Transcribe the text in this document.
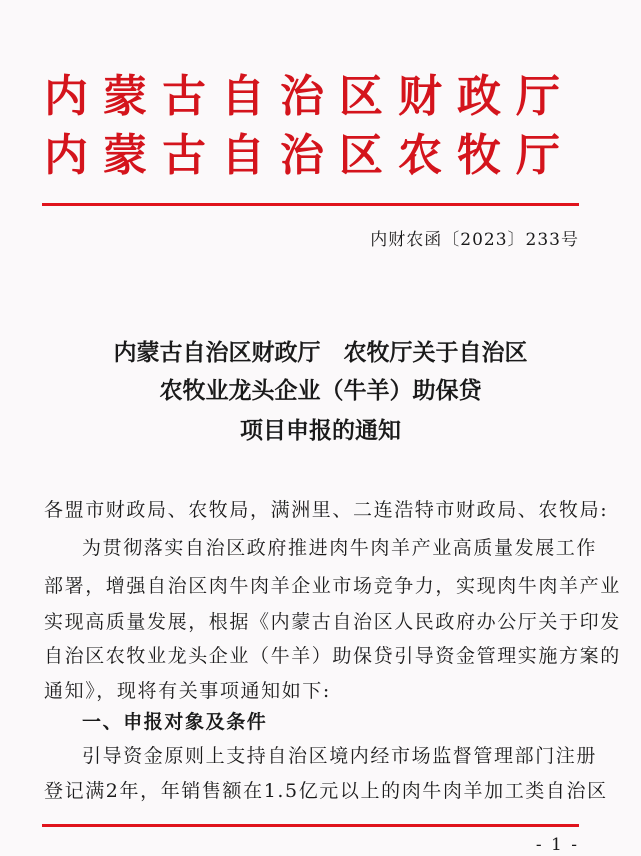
内蒙古自治区财政厅
内蒙古自治区农牧厅
内财农函〔2023〕233号
内蒙古自治区财政厅　农牧厅关于自治区
农牧业龙头企业（牛羊）助保贷
项目申报的通知
各盟市财政局、农牧局，满洲里、二连浩特市财政局、农牧局:
为贯彻落实自治区政府推进肉牛肉羊产业高质量发展工作
部署，增强自治区肉牛肉羊企业市场竞争力，实现肉牛肉羊产业
实现高质量发展，根据《内蒙古自治区人民政府办公厅关于印发
自治区农牧业龙头企业（牛羊）助保贷引导资金管理实施方案的
通知》，现将有关事项通知如下:
一、申报对象及条件
引导资金原则上支持自治区境内经市场监督管理部门注册
登记满2年，年销售额在1.5亿元以上的肉牛肉羊加工类自治区
- 1 -
